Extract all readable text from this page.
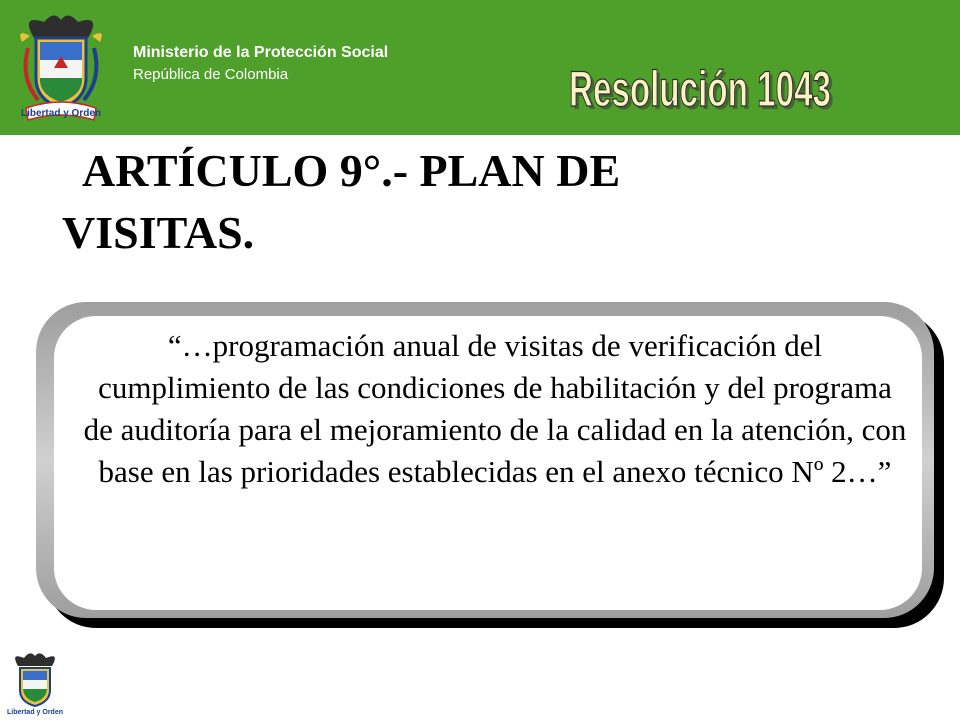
Libertad y Orden
Ministerio de la Protección Social
República de Colombia	Resolución 1043
Resolución 1043

ARTÍCULO 9°.- PLAN DE VISITAS.

“…programación anual de visitas de verificación del cumplimiento de las condiciones de habilitación y del programa de auditoría para el mejoramiento de la calidad en la atención, con base en las prioridades establecidas en el anexo técnico Nº 2…”

Libertad y Orden
